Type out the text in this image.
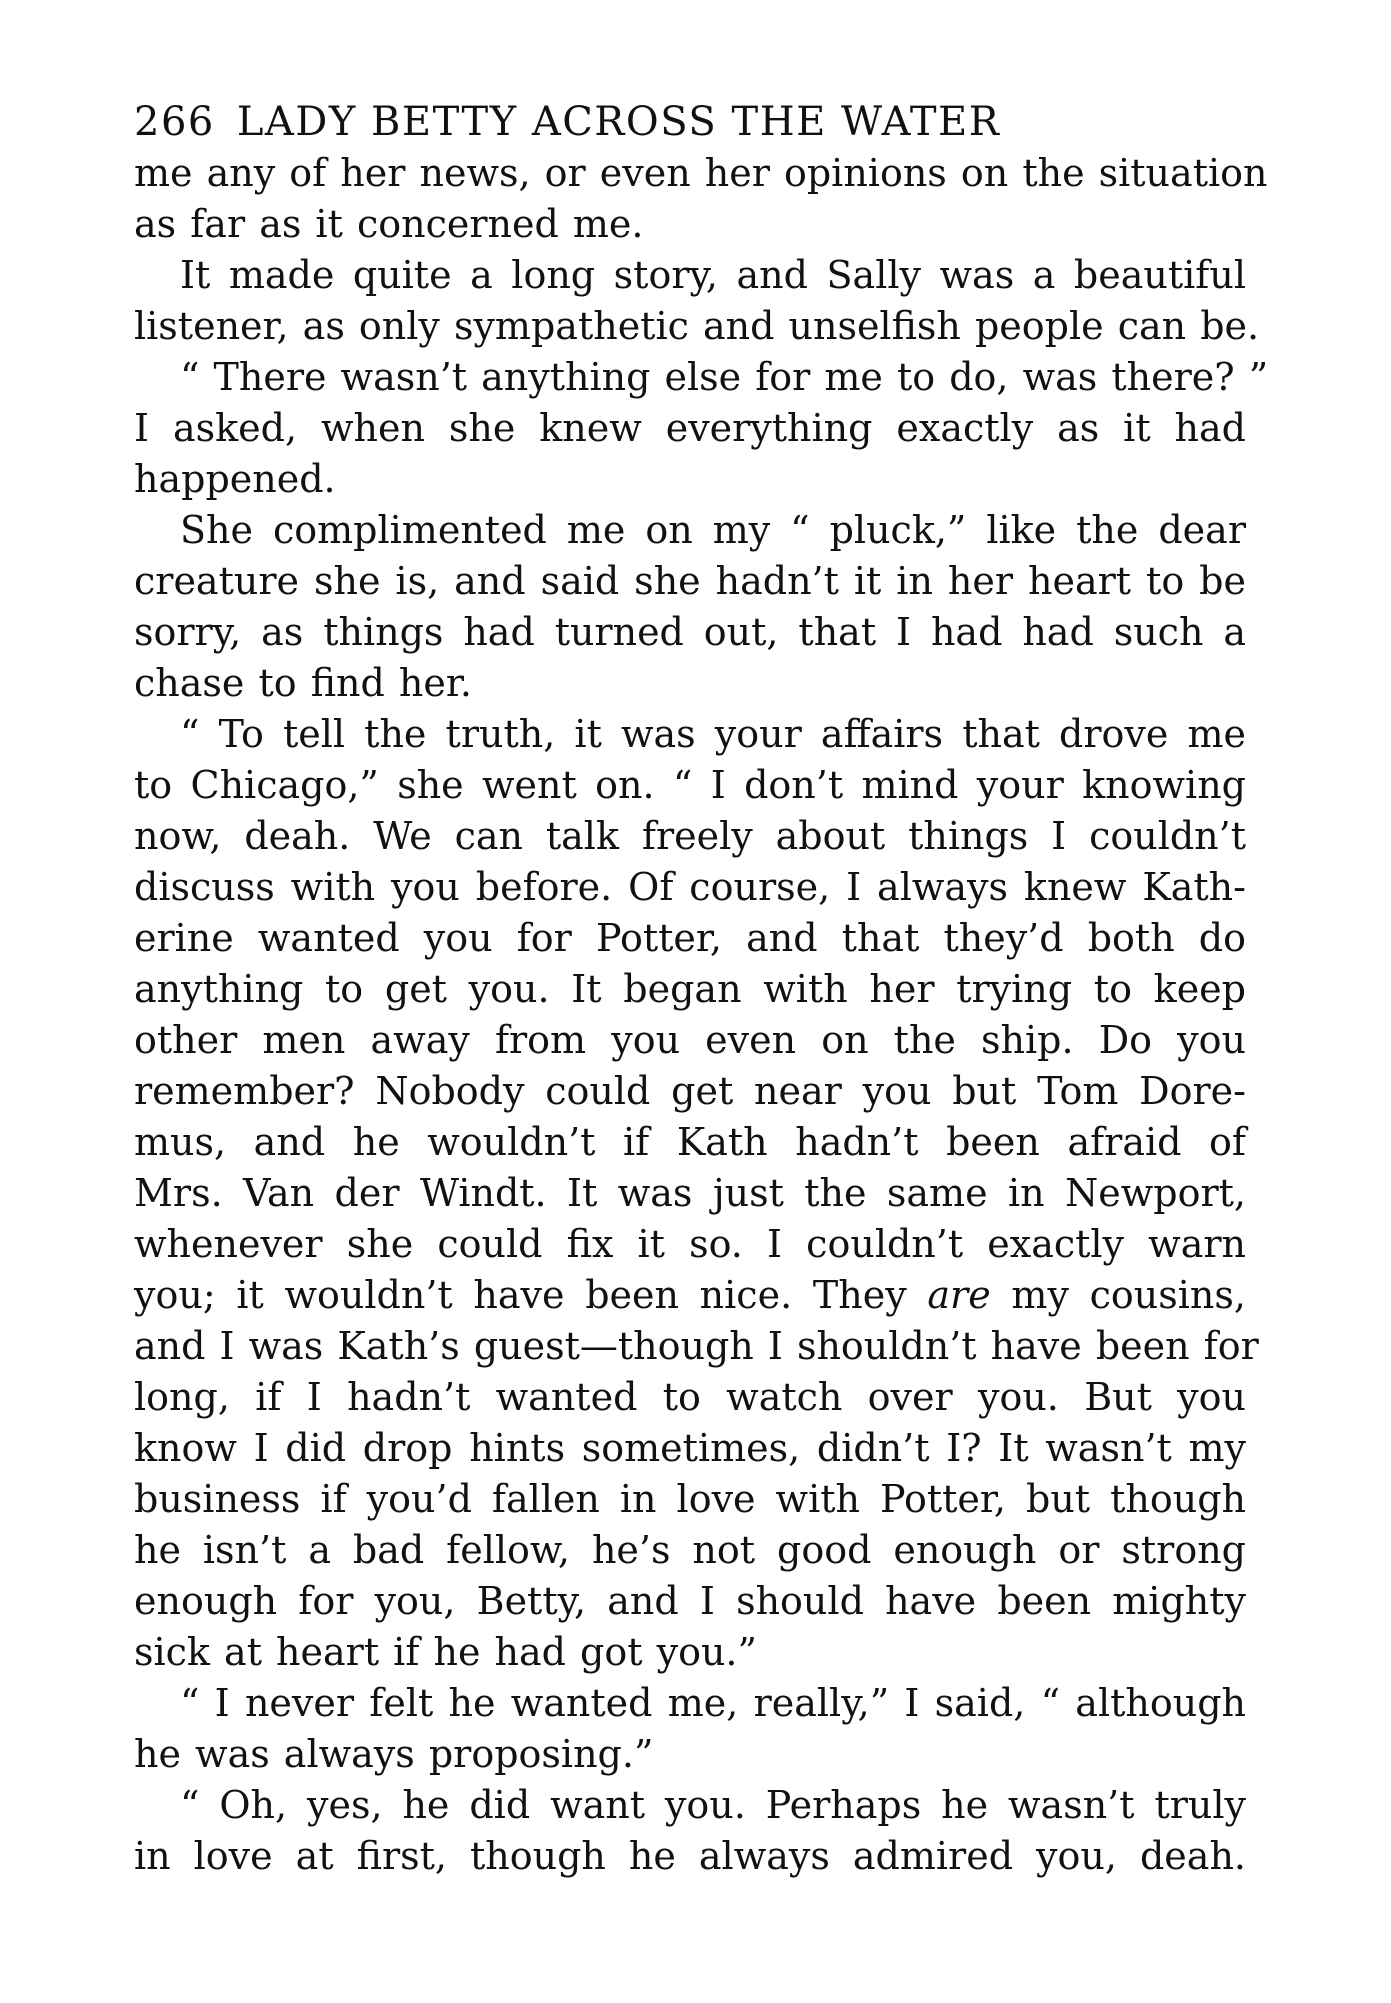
266 LADY BETTY ACROSS THE WATER
me any of her news, or even her opinions on the situation
as far as it concerned me.
It made quite a long story, and Sally was a beautiful
listener, as only sympathetic and unselfish people can be.
“ There wasn’t anything else for me to do, was there? ”
I asked, when she knew everything exactly as it had
happened.
She complimented me on my “ pluck,” like the dear
creature she is, and said she hadn’t it in her heart to be
sorry, as things had turned out, that I had had such a
chase to find her.
“ To tell the truth, it was your affairs that drove me
to Chicago,” she went on. “ I don’t mind your knowing
now, deah. We can talk freely about things I couldn’t
discuss with you before. Of course, I always knew Kath-
erine wanted you for Potter, and that they’d both do
anything to get you. It began with her trying to keep
other men away from you even on the ship. Do you
remember? Nobody could get near you but Tom Dore-
mus, and he wouldn’t if Kath hadn’t been afraid of
Mrs. Van der Windt. It was just the same in Newport,
whenever she could fix it so. I couldn’t exactly warn
you; it wouldn’t have been nice. They are my cousins,
and I was Kath’s guest—though I shouldn’t have been for
long, if I hadn’t wanted to watch over you. But you
know I did drop hints sometimes, didn’t I? It wasn’t my
business if you’d fallen in love with Potter, but though
he isn’t a bad fellow, he’s not good enough or strong
enough for you, Betty, and I should have been mighty
sick at heart if he had got you.”
“ I never felt he wanted me, really,” I said, “ although
he was always proposing.”
“ Oh, yes, he did want you. Perhaps he wasn’t truly
in love at first, though he always admired you, deah.
